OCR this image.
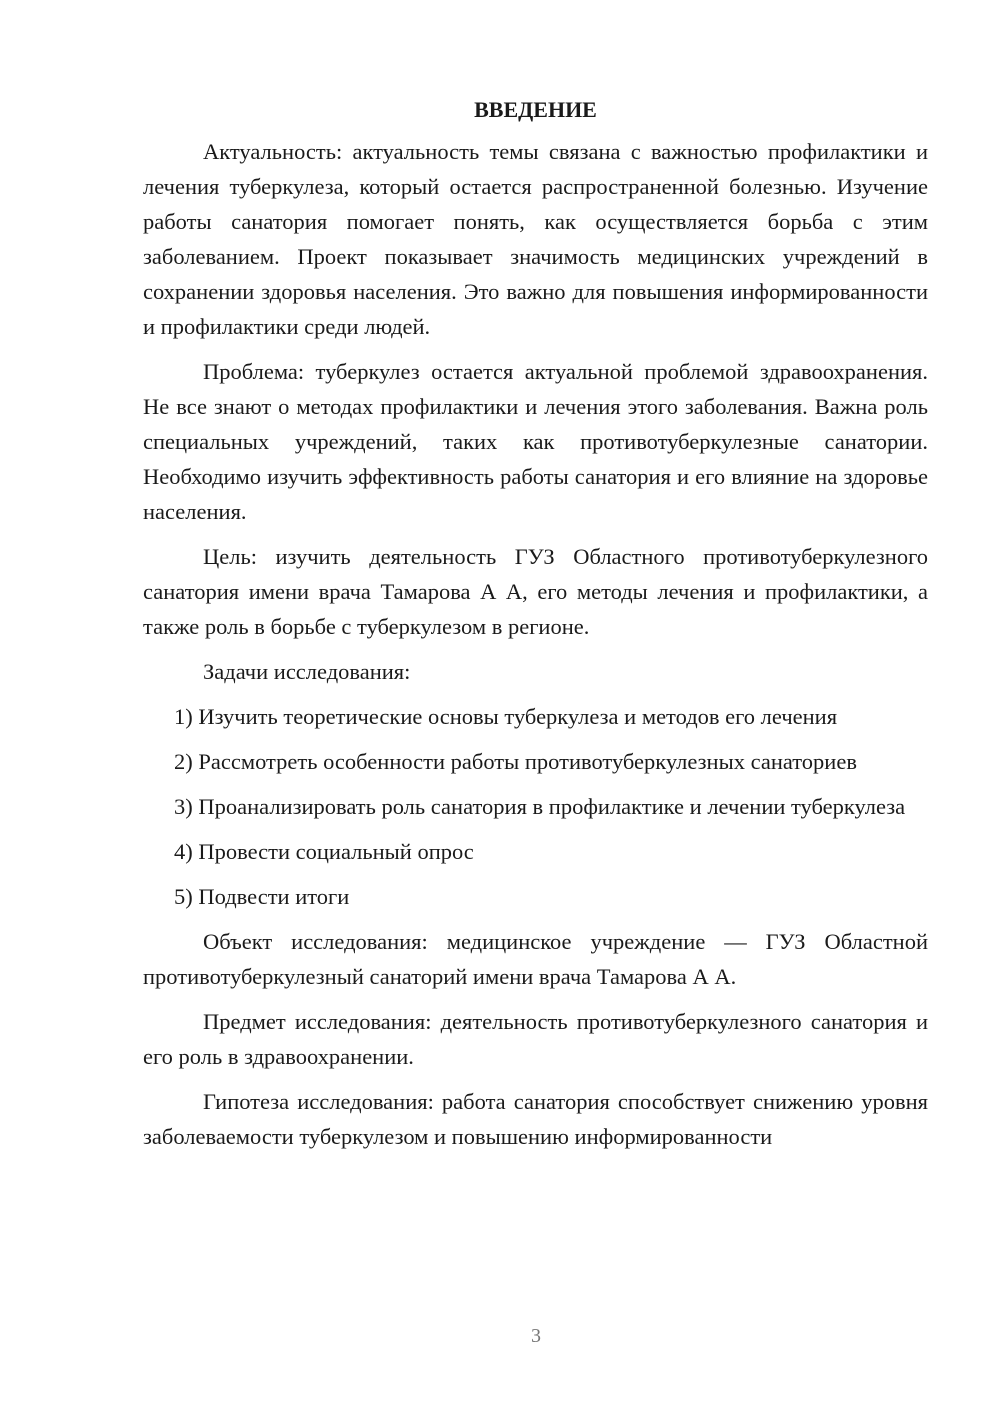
ВВЕДЕНИЕ

Актуальность: актуальность темы связана с важностью профилактики и лечения туберкулеза, который остается распространенной болезнью. Изучение работы санатория помогает понять, как осуществляется борьба с этим заболеванием. Проект показывает значимость медицинских учреждений в сохранении здоровья населения. Это важно для повышения информированности и профилактики среди людей.

Проблема: туберкулез остается актуальной проблемой здравоохранения. Не все знают о методах профилактики и лечения этого заболевания. Важна роль специальных учреждений, таких как противотуберкулезные санатории. Необходимо изучить эффективность работы санатория и его влияние на здоровье населения.

Цель: изучить деятельность ГУЗ Областного противотуберкулезного санатория имени врача Тамарова А А, его методы лечения и профилактики, а также роль в борьбе с туберкулезом в регионе.

Задачи исследования:

1) Изучить теоретические основы туберкулеза и методов его лечения

2) Рассмотреть особенности работы противотуберкулезных санаториев

3) Проанализировать роль санатория в профилактике и лечении туберкулеза

4) Провести социальный опрос

5) Подвести итоги

Объект исследования: медицинское учреждение — ГУЗ Областной противотуберкулезный санаторий имени врача Тамарова А А.

Предмет исследования: деятельность противотуберкулезного санатория и его роль в здравоохранении.

Гипотеза исследования: работа санатория способствует снижению уровня заболеваемости туберкулезом и повышению информированности

3
